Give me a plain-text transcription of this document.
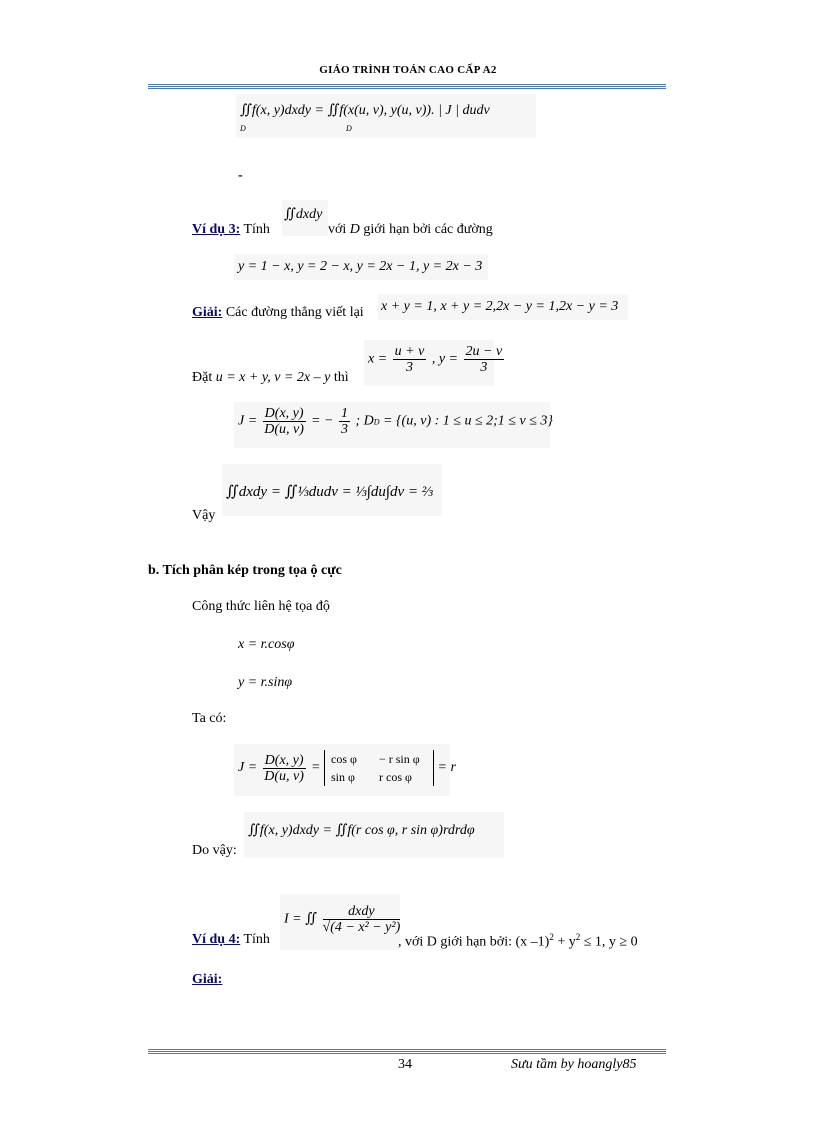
GIÁO TRÌNH TOÁN CAO CẤP A2
∬f(x, y)dxdy = ∬f(x(u, v), y(u, v)). | J | dudv
D	D
-
Ví dụ 3: Tính
∬dxdy
với D giới hạn bởi các đường
y = 1 − x, y = 2 − x, y = 2x − 1, y = 2x − 3
Giải: Các đường thẳng viết lại x + y = 1, x + y = 2,2x − y = 1,2x − y = 3
Đặt u = x + y, v = 2x – y thì
$x = \frac{u + v}{3}$ , $y = \frac{2u - v}{3}$
$J = \frac{D(x, y)}{D(u, v)}$ = − $\frac{1}{3}$ ; DD = {(u, v) : 1 ≤ u ≤ 2;1 ≤ v ≤ 3}
Vậy
∬dxdy = ∬⅓dudv = ⅓∫du∫dv = ⅔
b. Tích phân kép trong tọa ộ cực
Công thức liên hệ tọa độ
x = r.cosφ
y = r.sinφ
Ta có:
$J = \frac{D(x, y)}{D(u, v)} = \cos \varphi - r$ sin φ
sin φ r cos φ = r
Do vậy:
∬f(x, y)dxdy = ∬f(r cos φ, r sin φ)rdrdφ
Ví dụ 4: Tính
I = ∬ $\frac{\text{dxdy}}{\text{√(4 − x² − y²)}}$
, với D giới hạn bởi: (x $-1)^2 + y^2 \le 1$, y ≥ 0
Giải:
34	Sưu tầm by hoangly85
